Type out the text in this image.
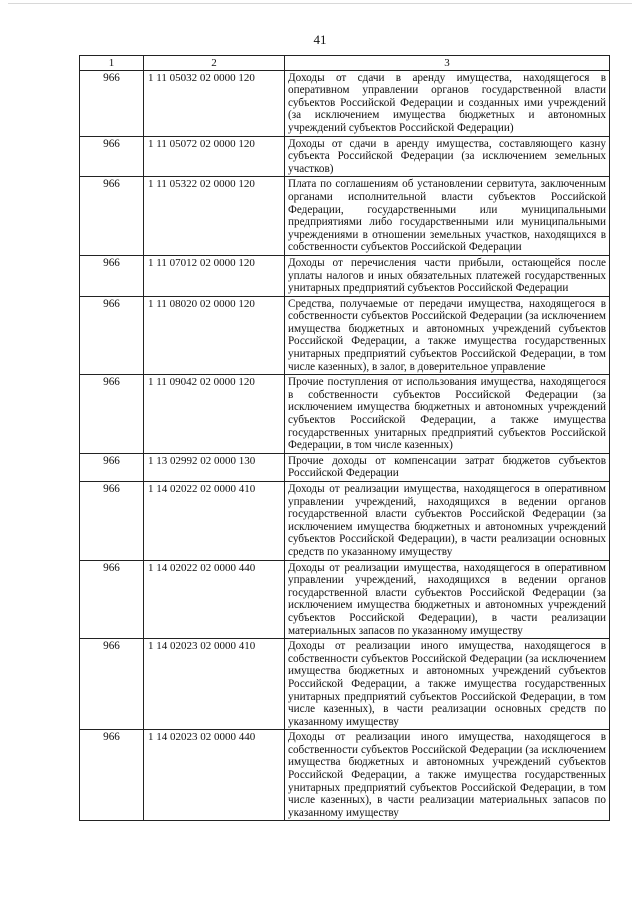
41
1	2	3
966	1 11 05032 02 0000 120	Доходы от сдачи в аренду имущества, находящегося в оперативном управлении органов государственной власти субъектов Российской Федерации и созданных ими учреждений (за исключением имущества бюджетных и автономных учреждений субъектов Российской Федерации)
966	1 11 05072 02 0000 120	Доходы от сдачи в аренду имущества, составляющего казну субъекта Российской Федерации (за исключением земельных участков)
966	1 11 05322 02 0000 120	Плата по соглашениям об установлении сервитута, заключенным органами исполнительной власти субъектов Российской Федерации, государственными или муниципальными предприятиями либо государственными или муниципальными учреждениями в отношении земельных участков, находящихся в собственности субъектов Российской Федерации
966	1 11 07012 02 0000 120	Доходы от перечисления части прибыли, остающейся после уплаты налогов и иных обязательных платежей государственных унитарных предприятий субъектов Российской Федерации
966	1 11 08020 02 0000 120	Средства, получаемые от передачи имущества, находящегося в собственности субъектов Российской Федерации (за исключением имущества бюджетных и автономных учреждений субъектов Российской Федерации, а также имущества государственных унитарных предприятий субъектов Российской Федерации, в том числе казенных), в залог, в доверительное управление
966	1 11 09042 02 0000 120	Прочие поступления от использования имущества, находящегося в собственности субъектов Российской Федерации (за исключением имущества бюджетных и автономных учреждений субъектов Российской Федерации, а также имущества государственных унитарных предприятий субъектов Российской Федерации, в том числе казенных)
966	1 13 02992 02 0000 130	Прочие доходы от компенсации затрат бюджетов субъектов Российской Федерации
966	1 14 02022 02 0000 410	Доходы от реализации имущества, находящегося в оперативном управлении учреждений, находящихся в ведении органов государственной власти субъектов Российской Федерации (за исключением имущества бюджетных и автономных учреждений субъектов Российской Федерации), в части реализации основных средств по указанному имуществу
966	1 14 02022 02 0000 440	Доходы от реализации имущества, находящегося в оперативном управлении учреждений, находящихся в ведении органов государственной власти субъектов Российской Федерации (за исключением имущества бюджетных и автономных учреждений субъектов Российской Федерации), в части реализации материальных запасов по указанному имуществу
966	1 14 02023 02 0000 410	Доходы от реализации иного имущества, находящегося в собственности субъектов Российской Федерации (за исключением имущества бюджетных и автономных учреждений субъектов Российской Федерации, а также имущества государственных унитарных предприятий субъектов Российской Федерации, в том числе казенных), в части реализации основных средств по указанному имуществу
966	1 14 02023 02 0000 440	Доходы от реализации иного имущества, находящегося в собственности субъектов Российской Федерации (за исключением имущества бюджетных и автономных учреждений субъектов Российской Федерации, а также имущества государственных унитарных предприятий субъектов Российской Федерации, в том числе казенных), в части реализации материальных запасов по указанному имуществу
